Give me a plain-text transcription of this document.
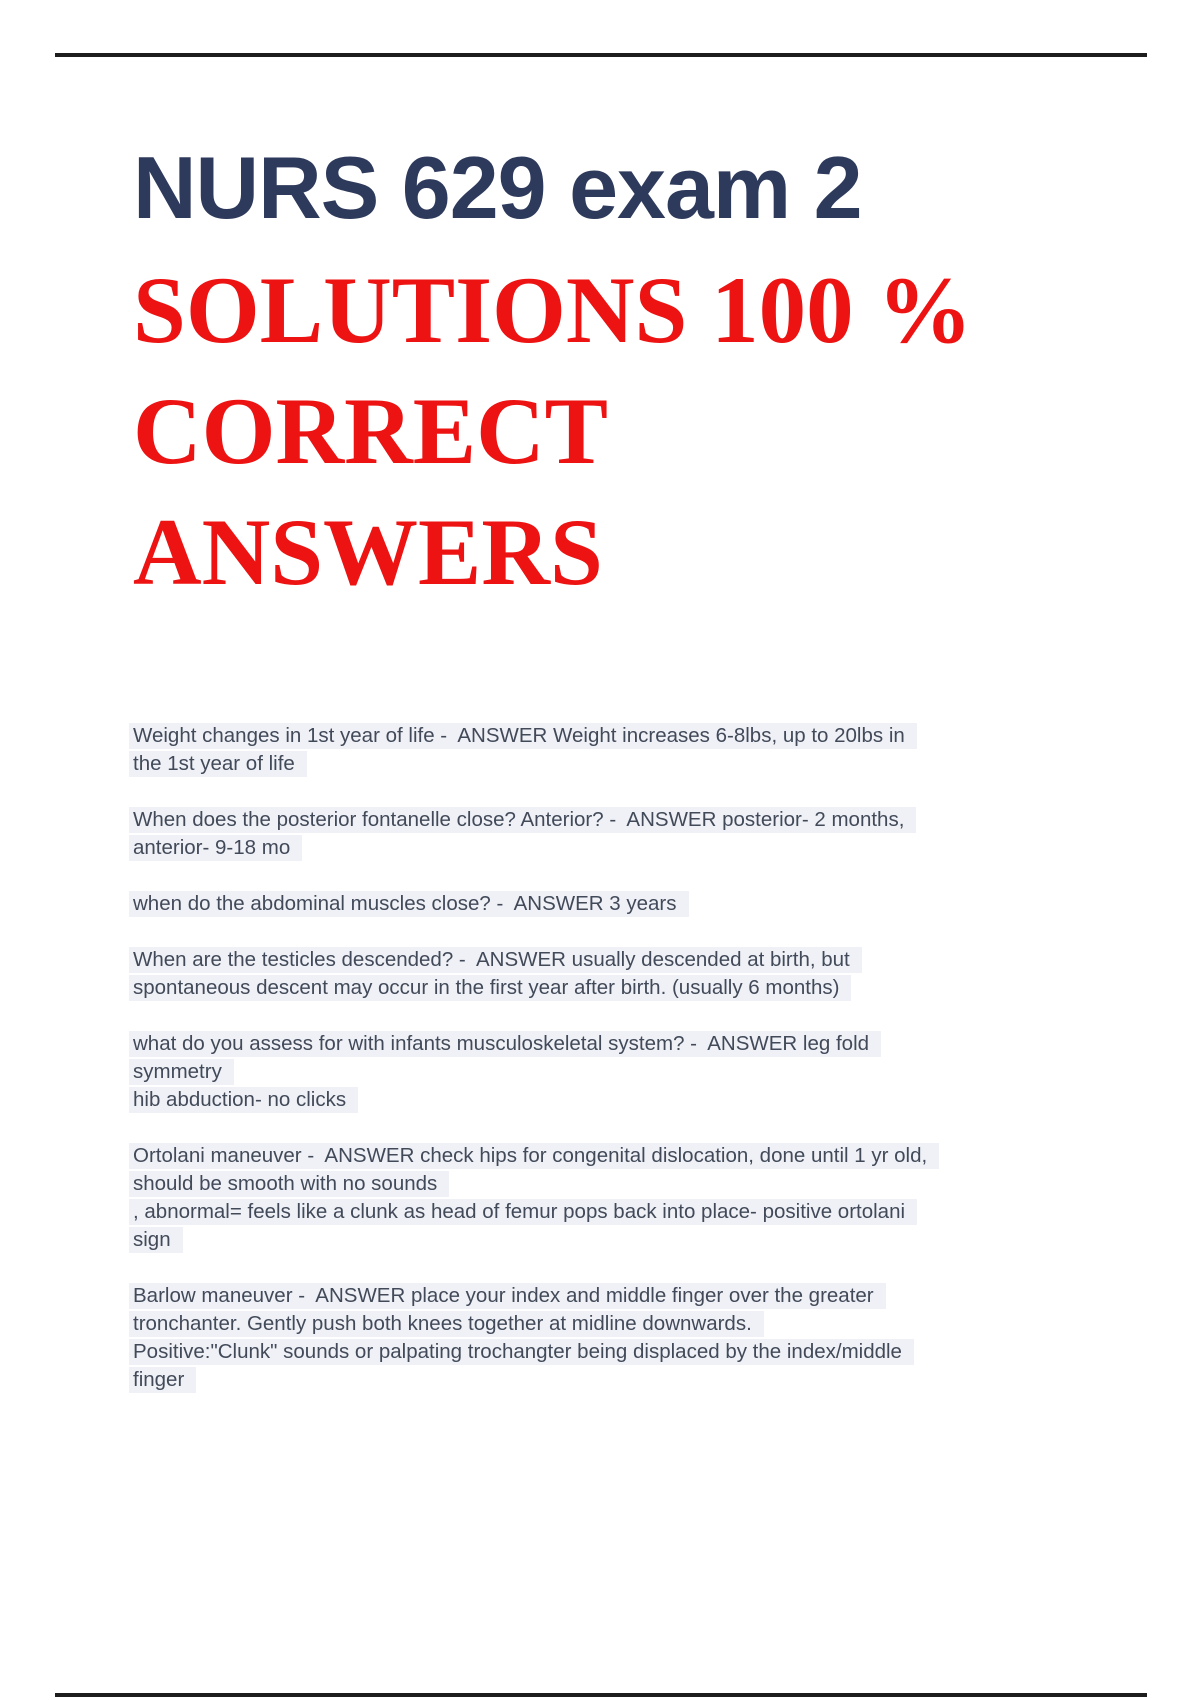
NURS 629 exam 2
SOLUTIONS 100 %
CORRECT
ANSWERS
Weight changes in 1st year of life -  ANSWER Weight increases 6-8lbs, up to 20lbs in
the 1st year of life
When does the posterior fontanelle close? Anterior? -  ANSWER posterior- 2 months,
anterior- 9-18 mo
when do the abdominal muscles close? -  ANSWER 3 years
When are the testicles descended? -  ANSWER usually descended at birth, but
spontaneous descent may occur in the first year after birth. (usually 6 months)
what do you assess for with infants musculoskeletal system? -  ANSWER leg fold
symmetry
hib abduction- no clicks
Ortolani maneuver -  ANSWER check hips for congenital dislocation, done until 1 yr old,
should be smooth with no sounds
, abnormal= feels like a clunk as head of femur pops back into place- positive ortolani
sign
Barlow maneuver -  ANSWER place your index and middle finger over the greater
tronchanter. Gently push both knees together at midline downwards.
Positive:"Clunk" sounds or palpating trochangter being displaced by the index/middle
finger
